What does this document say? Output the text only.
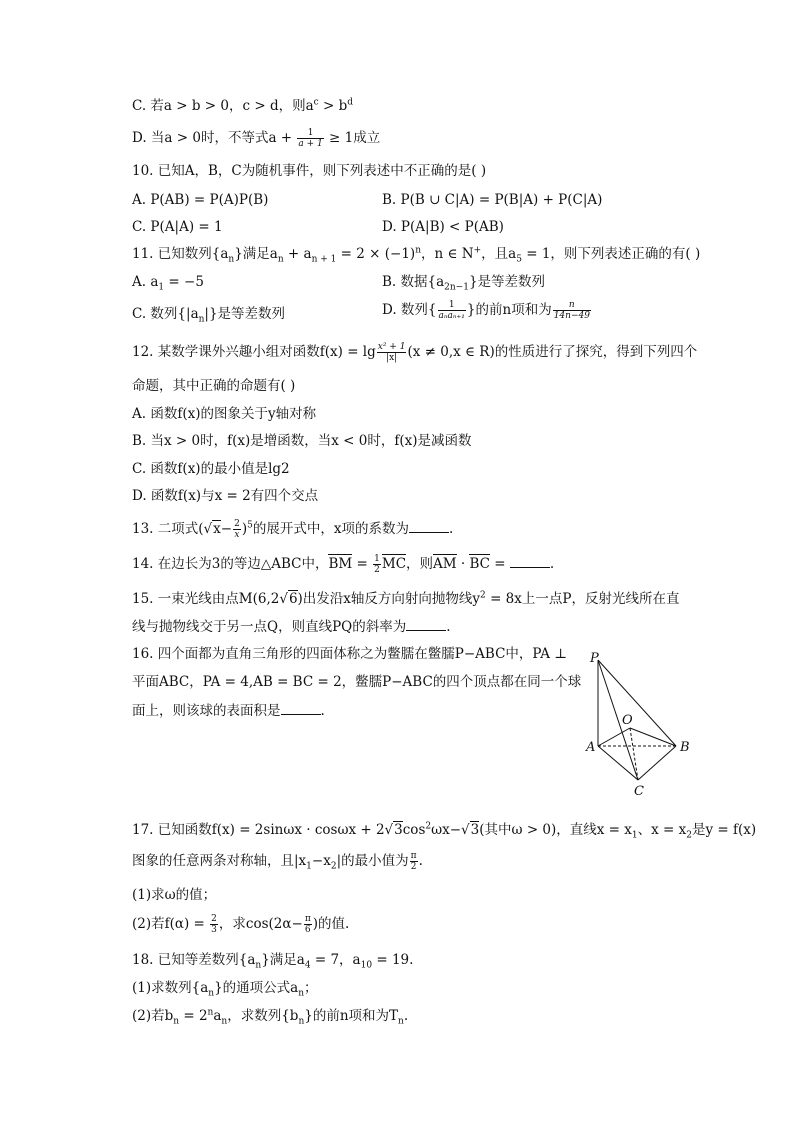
C. 若a > b > 0，c > d，则$a^c > b^d$
D. 当a > 0时，不等式$a + \frac{1}{a + 1} \ge 1$成立
10. 已知A，B，C为随机事件，则下列表述中不正确的是( )
A. P(AB) = P(A)P(B)	B. P(B ∪ C|A) = P(B|A) + P(C|A)
C. P(A|A) = 1	D. P(A|B) < P(AB)
11. 已知数列$\{a_n\}$满足$a_n + a_{n + 1} = 2 \times (-1)^n$，n ∈ N+，且$a_5 = 1$，则下列表述正确的有( )
A. $a_1 = -5$	B. 数据$\{a_{2n-1}\}$是等差数列
C. 数列$\{|a_n|\}$是等差数列	D. 数列{ $\frac{1}{\text{aₙaₙ₊₁}}$ }的前n项和为 $\frac{n}{14n-49}$
12. 某数学课外兴趣小组对函数$f(x) = \lg \frac{\text{x² + 1}}{|x|} (x \ne 0,x$ ∈ R)的性质进行了探究，得到下列四个
命题，其中正确的命题有( )
A. 函数f(x)的图象关于y轴对称
B. 当x > 0时，f(x)是增函数，当x < 0时，f(x)是减函数
C. 函数f(x)的最小值是lg2
D. 函数f(x)与x = 2有四个交点
13. 二项式$(√x- \frac{2}{x} )^5$的展开式中，x项的系数为	.
14. 在边长为3的等边△ABC中，BM = $\frac{1}{2}$ MC，则AM · BC =	.
15. 一束光线由点M(6,2√6)出发沿x轴反方向射向抛物线$y^2 = 8x$上一点P，反射光线所在直
线与抛物线交于另一点Q，则直线PQ的斜率为	.
16. 四个面都为直角三角形的四面体称之为鳖臑在鳖臑P−ABC中，PA ⊥
平面ABC，PA = 4,AB = BC = 2，鳖臑P−ABC的四个顶点都在同一个球
面上，则该球的表面积是	.
P
O
A	B
C
17. 已知函数$f(x) = 2\sin\omega x \cdot \cos\omega x + 2√3\cos^2\omega x-√3$(其中ω > 0)，直线$x = x_1$、$x = x_2$是y = f(x)
图象的任意两条对称轴，且$|x_1-x_2|$的最小值为 $\frac{\pi}{2}$ .
(1)求ω的值；
(2)若$f(\alpha) = \frac{2}{3}$ ，求$\cos(2\alpha- \frac{\pi}{6}$ )的值.
18. 已知等差数列$\{a_n\}$满足$a_4 = 7$，$a_{10} = 19$.
(1)求数列$\{a_n\}$的通项公式$a_n$；
(2)若$b_n = 2^na_n$，求数列$\{b_n\}$的前n项和为$T_n$.
